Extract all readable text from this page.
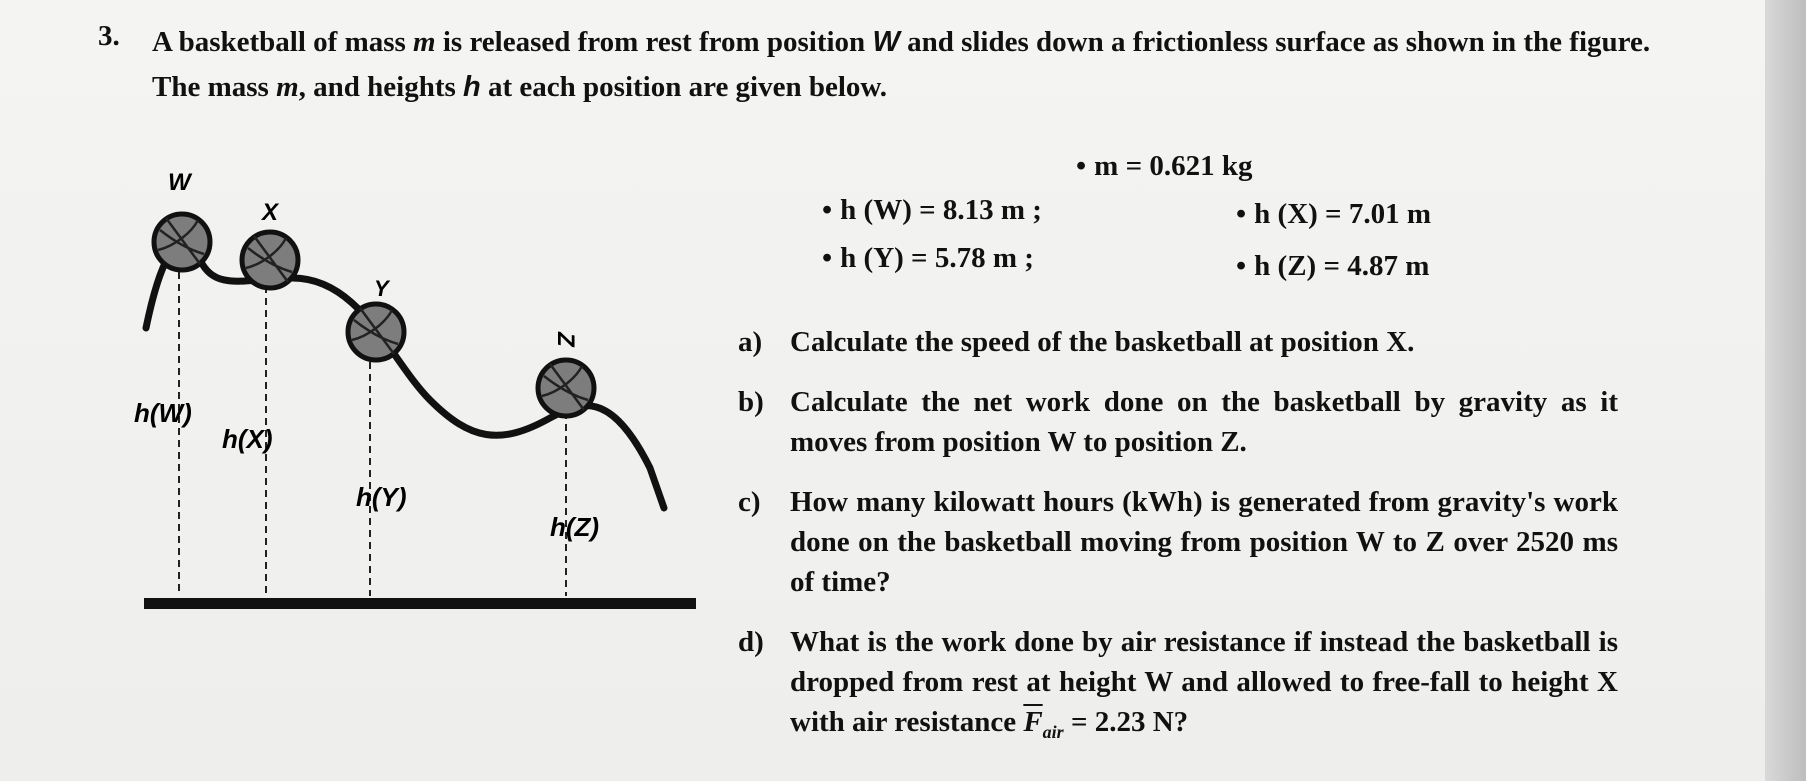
3. A basketball of mass m is released from rest from position W and slides down a frictionless surface as shown in the figure. The mass m, and heights h at each position are given below.
• m = 0.621 kg
• h (W) = 8.13 m ;	• h (X) = 7.01 m
• h (Y) = 5.78 m ;	• h (Z) = 4.87 m
a) Calculate the speed of the basketball at position X.
b) Calculate the net work done on the basketball by gravity as it moves from position W to position Z.
c) How many kilowatt hours (kWh) is generated from gravity's work done on the basketball moving from position W to Z over 2520 ms of time?
d) What is the work done by air resistance if instead the basketball is dropped from rest at height W and allowed to free-fall to height X with air resistance $\overline{F}_{air} = 2.23$ N?
W
X
Y
Z
h(W)
h(X)
h(Y)
h(Z)
